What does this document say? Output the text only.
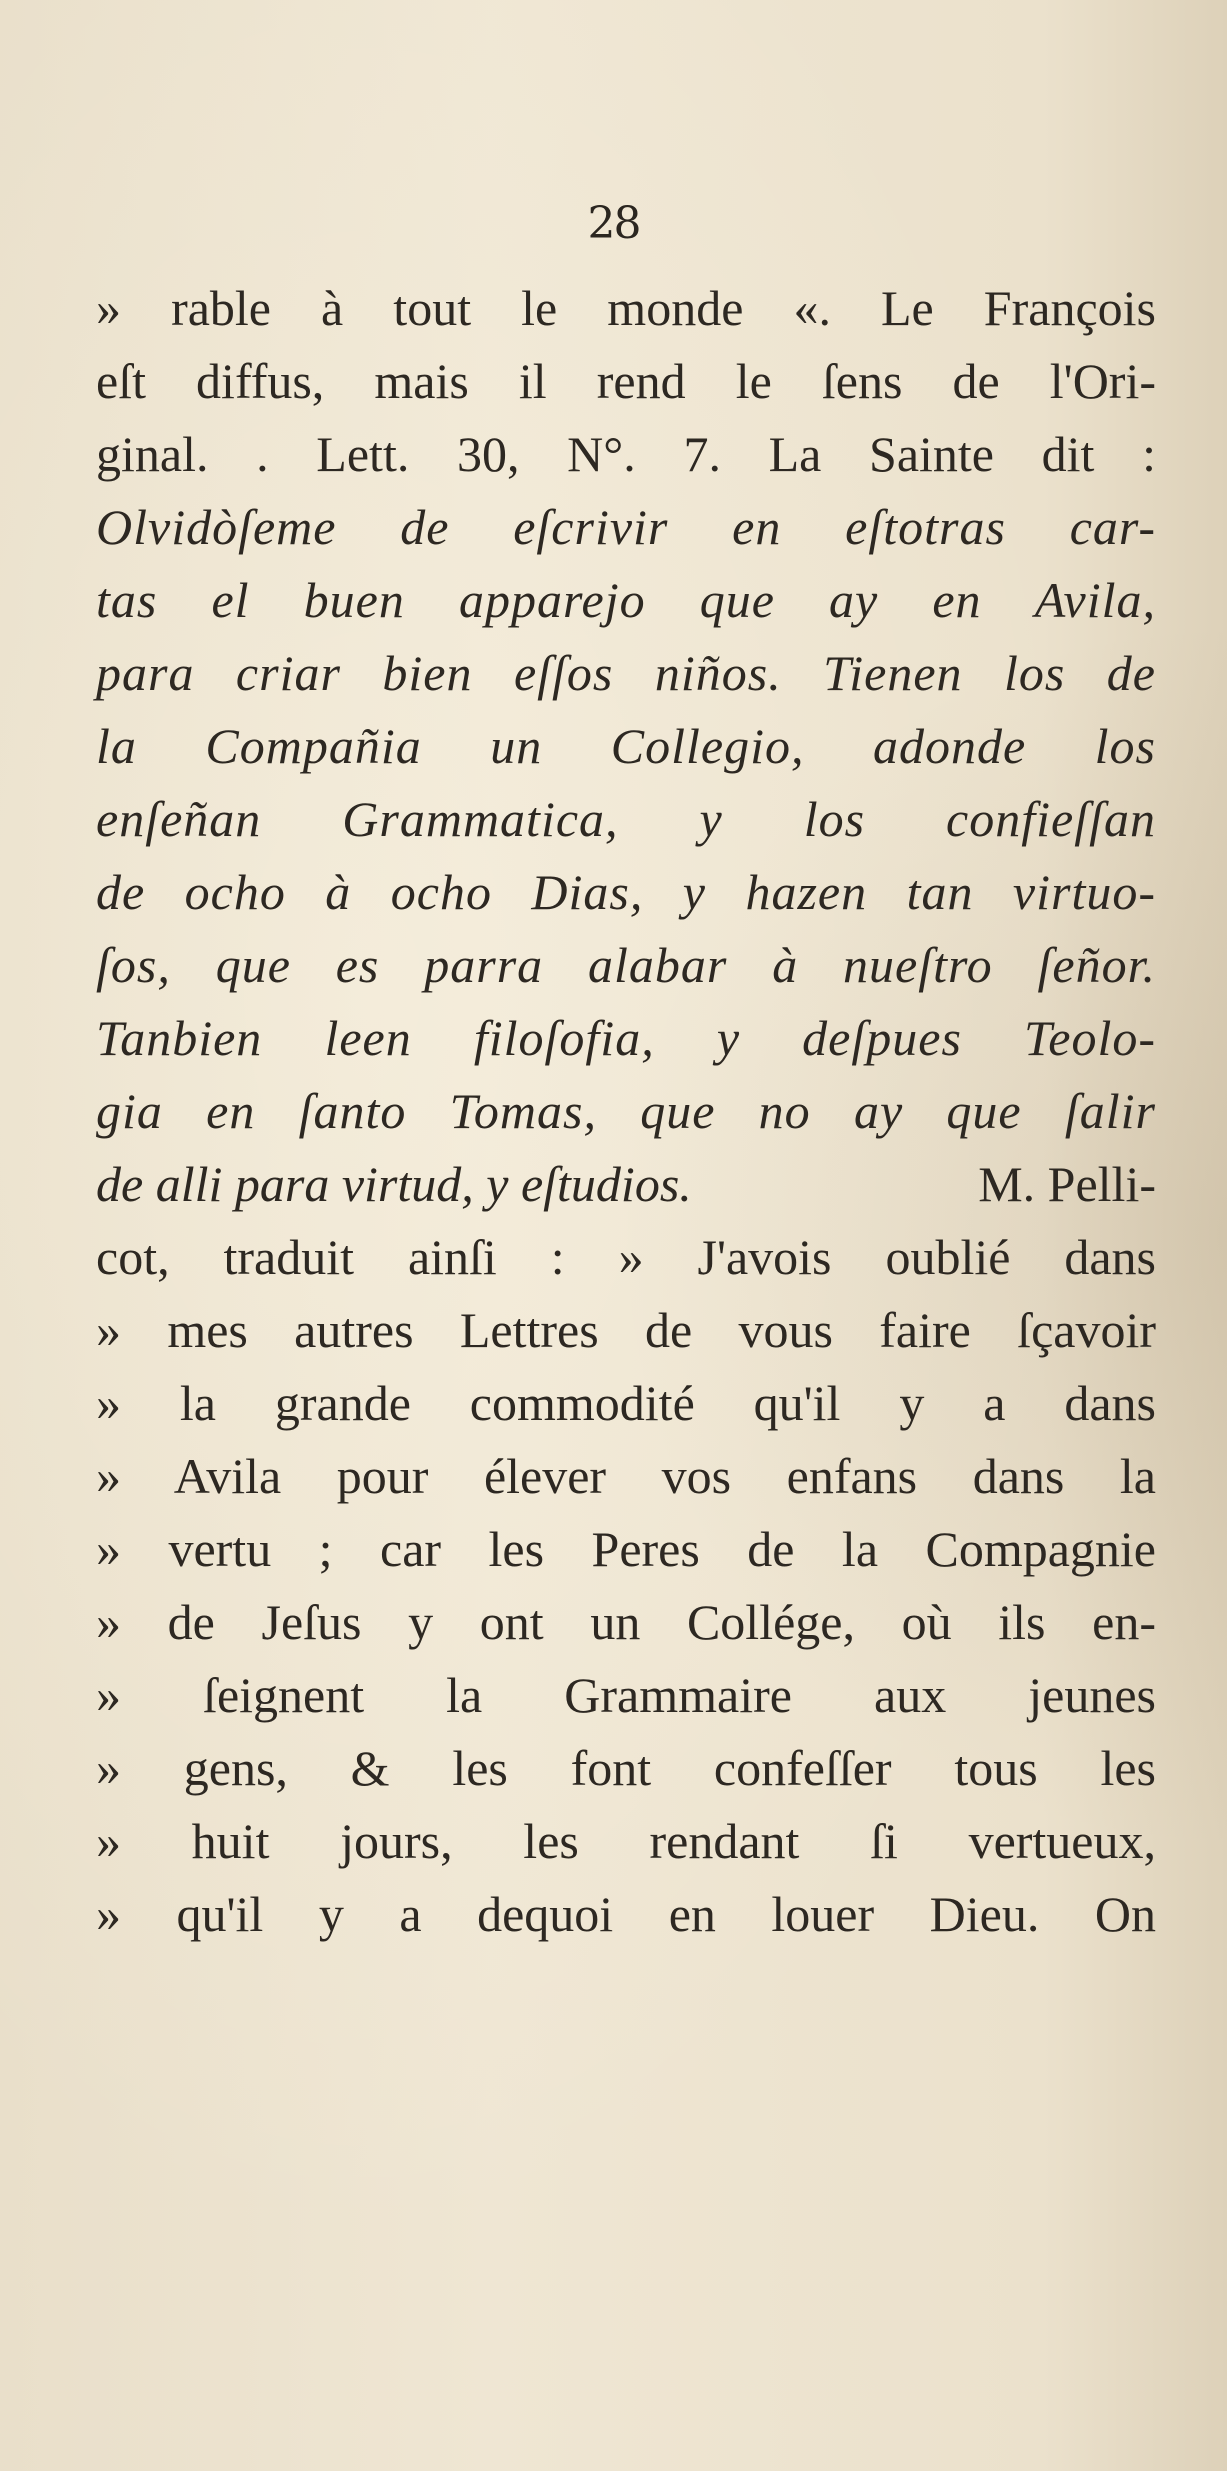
28
» rable à tout le monde «. Le François
eſt diffus, mais il rend le ſens de l'Ori-
ginal. . Lett. 30, N°. 7. La Sainte dit :
Olvidòſeme de eſcrivir en eſtotras car-
tas el buen apparejo que ay en Avila,
para criar bien eſſos niños. Tienen los de
la Compañia un Collegio, adonde los
enſeñan Grammatica, y los confieſſan
de ocho à ocho Dias, y hazen tan virtuo-
ſos, que es parra alabar à nueſtro ſeñor.
Tanbien leen filoſofia, y deſpues Teolo-
gia en ſanto Tomas, que no ay que ſalir
de alli para virtud, y eſtudios.	M. Pelli-
cot, traduit ainſi : » J'avois oublié dans
» mes autres Lettres de vous faire ſçavoir
» la grande commodité qu'il y a dans
» Avila pour élever vos enfans dans la
» vertu ; car les Peres de la Compagnie
» de Jeſus y ont un Collége, où ils en-
» ſeignent la Grammaire aux jeunes
» gens, & les font confeſſer tous les
» huit jours, les rendant ſi vertueux,
» qu'il y a dequoi en louer Dieu. On
